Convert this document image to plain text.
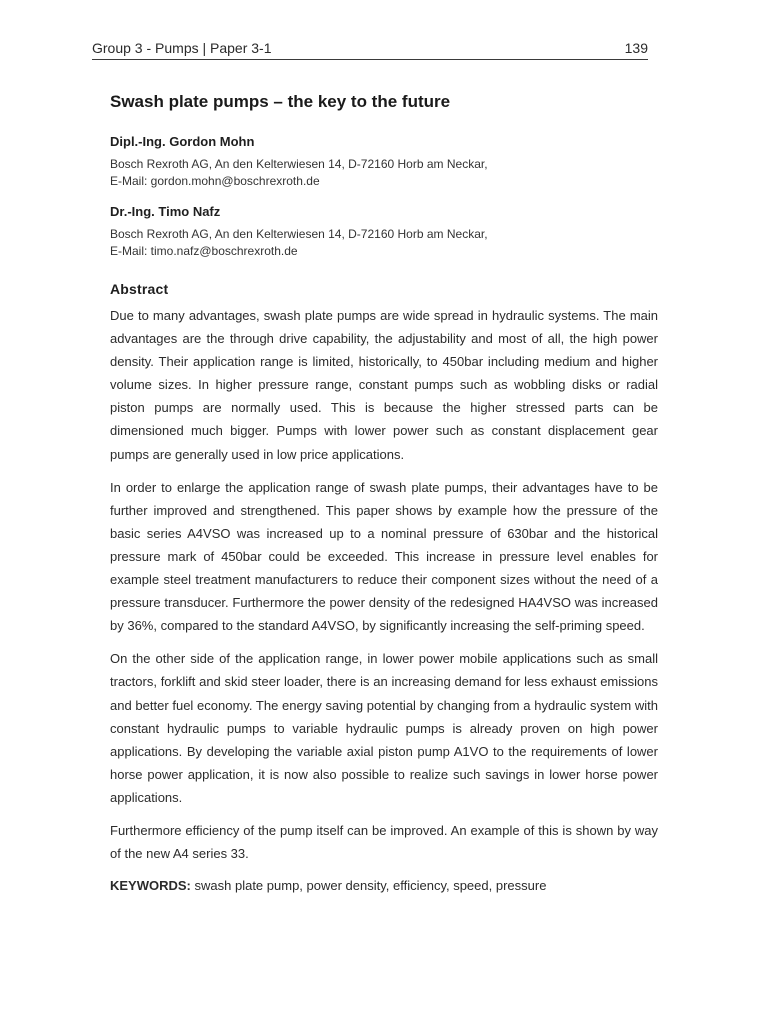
Group 3 - Pumps | Paper 3-1	139
Swash plate pumps – the key to the future

Dipl.-Ing. Gordon Mohn

Bosch Rexroth AG, An den Kelterwiesen 14, D-72160 Horb am Neckar,

E-Mail: gordon.mohn@boschrexroth.de

Dr.-Ing. Timo Nafz

Bosch Rexroth AG, An den Kelterwiesen 14, D-72160 Horb am Neckar,

E-Mail: timo.nafz@boschrexroth.de

Abstract

Due to many advantages, swash plate pumps are wide spread in hydraulic systems. The main advantages are the through drive capability, the adjustability and most of all, the high power density. Their application range is limited, historically, to 450bar including medium and higher volume sizes. In higher pressure range, constant pumps such as wobbling disks or radial piston pumps are normally used. This is because the higher stressed parts can be dimensioned much bigger. Pumps with lower power such as constant displacement gear pumps are generally used in low price applications.

In order to enlarge the application range of swash plate pumps, their advantages have to be further improved and strengthened. This paper shows by example how the pressure of the basic series A4VSO was increased up to a nominal pressure of 630bar and the historical pressure mark of 450bar could be exceeded. This increase in pressure level enables for example steel treatment manufacturers to reduce their component sizes without the need of a pressure transducer. Furthermore the power density of the redesigned HA4VSO was increased by 36%, compared to the standard A4VSO, by significantly increasing the self-priming speed.

On the other side of the application range, in lower power mobile applications such as small tractors, forklift and skid steer loader, there is an increasing demand for less exhaust emissions and better fuel economy. The energy saving potential by changing from a hydraulic system with constant hydraulic pumps to variable hydraulic pumps is already proven on high power applications. By developing the variable axial piston pump A1VO to the requirements of lower horse power application, it is now also possible to realize such savings in lower horse power applications.

Furthermore efficiency of the pump itself can be improved. An example of this is shown by way of the new A4 series 33.

KEYWORDS: swash plate pump, power density, efficiency, speed, pressure
